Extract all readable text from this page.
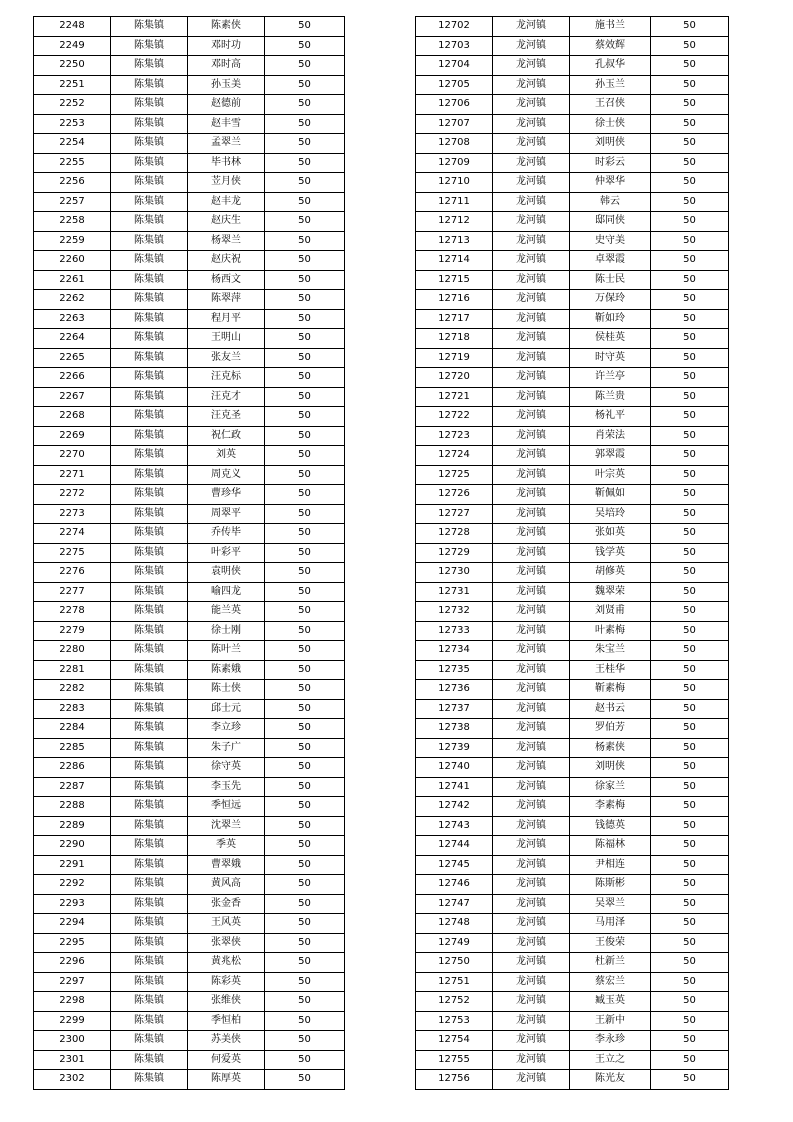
2248	陈集镇	陈素侠	50
2249	陈集镇	邓时功	50
2250	陈集镇	邓时高	50
2251	陈集镇	孙玉美	50
2252	陈集镇	赵德前	50
2253	陈集镇	赵丰雪	50
2254	陈集镇	孟翠兰	50
2255	陈集镇	毕书林	50
2256	陈集镇	苙月侠	50
2257	陈集镇	赵丰龙	50
2258	陈集镇	赵庆生	50
2259	陈集镇	杨翠兰	50
2260	陈集镇	赵庆祝	50
2261	陈集镇	杨西文	50
2262	陈集镇	陈翠萍	50
2263	陈集镇	程月平	50
2264	陈集镇	王明山	50
2265	陈集镇	张友兰	50
2266	陈集镇	汪克标	50
2267	陈集镇	汪克才	50
2268	陈集镇	汪克圣	50
2269	陈集镇	祝仁政	50
2270	陈集镇	刘英	50
2271	陈集镇	周克义	50
2272	陈集镇	曹珍华	50
2273	陈集镇	周翠平	50
2274	陈集镇	乔传毕	50
2275	陈集镇	叶彩平	50
2276	陈集镇	袁明侠	50
2277	陈集镇	喻四龙	50
2278	陈集镇	能兰英	50
2279	陈集镇	徐士刚	50
2280	陈集镇	陈叶兰	50
2281	陈集镇	陈素娥	50
2282	陈集镇	陈士侠	50
2283	陈集镇	邱士元	50
2284	陈集镇	李立珍	50
2285	陈集镇	朱子广	50
2286	陈集镇	徐守英	50
2287	陈集镇	李玉先	50
2288	陈集镇	季恒远	50
2289	陈集镇	沈翠兰	50
2290	陈集镇	季英	50
2291	陈集镇	曹翠娥	50
2292	陈集镇	黄风高	50
2293	陈集镇	张金香	50
2294	陈集镇	王风英	50
2295	陈集镇	张翠侠	50
2296	陈集镇	黄兆松	50
2297	陈集镇	陈彩英	50
2298	陈集镇	张维侠	50
2299	陈集镇	季恒柏	50
2300	陈集镇	苏美侠	50
2301	陈集镇	何爱英	50
2302	陈集镇	陈厚英	50
12702	龙河镇	施书兰	50
12703	龙河镇	蔡效辉	50
12704	龙河镇	孔叔华	50
12705	龙河镇	孙玉兰	50
12706	龙河镇	王召侠	50
12707	龙河镇	徐士侠	50
12708	龙河镇	刘明侠	50
12709	龙河镇	时彩云	50
12710	龙河镇	仲翠华	50
12711	龙河镇	韩云	50
12712	龙河镇	邸同侠	50
12713	龙河镇	史守美	50
12714	龙河镇	卓翠霞	50
12715	龙河镇	陈士民	50
12716	龙河镇	万保玲	50
12717	龙河镇	靳如玲	50
12718	龙河镇	侯桂英	50
12719	龙河镇	时守英	50
12720	龙河镇	许兰亭	50
12721	龙河镇	陈兰贵	50
12722	龙河镇	杨礼平	50
12723	龙河镇	肖荣法	50
12724	龙河镇	郭翠霞	50
12725	龙河镇	叶宗英	50
12726	龙河镇	靳佩如	50
12727	龙河镇	吴培玲	50
12728	龙河镇	张如英	50
12729	龙河镇	钱学英	50
12730	龙河镇	胡修英	50
12731	龙河镇	魏翠荣	50
12732	龙河镇	刘贤甫	50
12733	龙河镇	叶素梅	50
12734	龙河镇	朱宝兰	50
12735	龙河镇	王桂华	50
12736	龙河镇	靳素梅	50
12737	龙河镇	赵书云	50
12738	龙河镇	罗伯芳	50
12739	龙河镇	杨素侠	50
12740	龙河镇	刘明侠	50
12741	龙河镇	徐家兰	50
12742	龙河镇	李素梅	50
12743	龙河镇	钱德英	50
12744	龙河镇	陈福林	50
12745	龙河镇	尹相连	50
12746	龙河镇	陈斯彬	50
12747	龙河镇	吴翠兰	50
12748	龙河镇	马用泽	50
12749	龙河镇	王俊荣	50
12750	龙河镇	杜新兰	50
12751	龙河镇	蔡宏兰	50
12752	龙河镇	臧玉英	50
12753	龙河镇	王新中	50
12754	龙河镇	李永珍	50
12755	龙河镇	王立之	50
12756	龙河镇	陈光友	50
